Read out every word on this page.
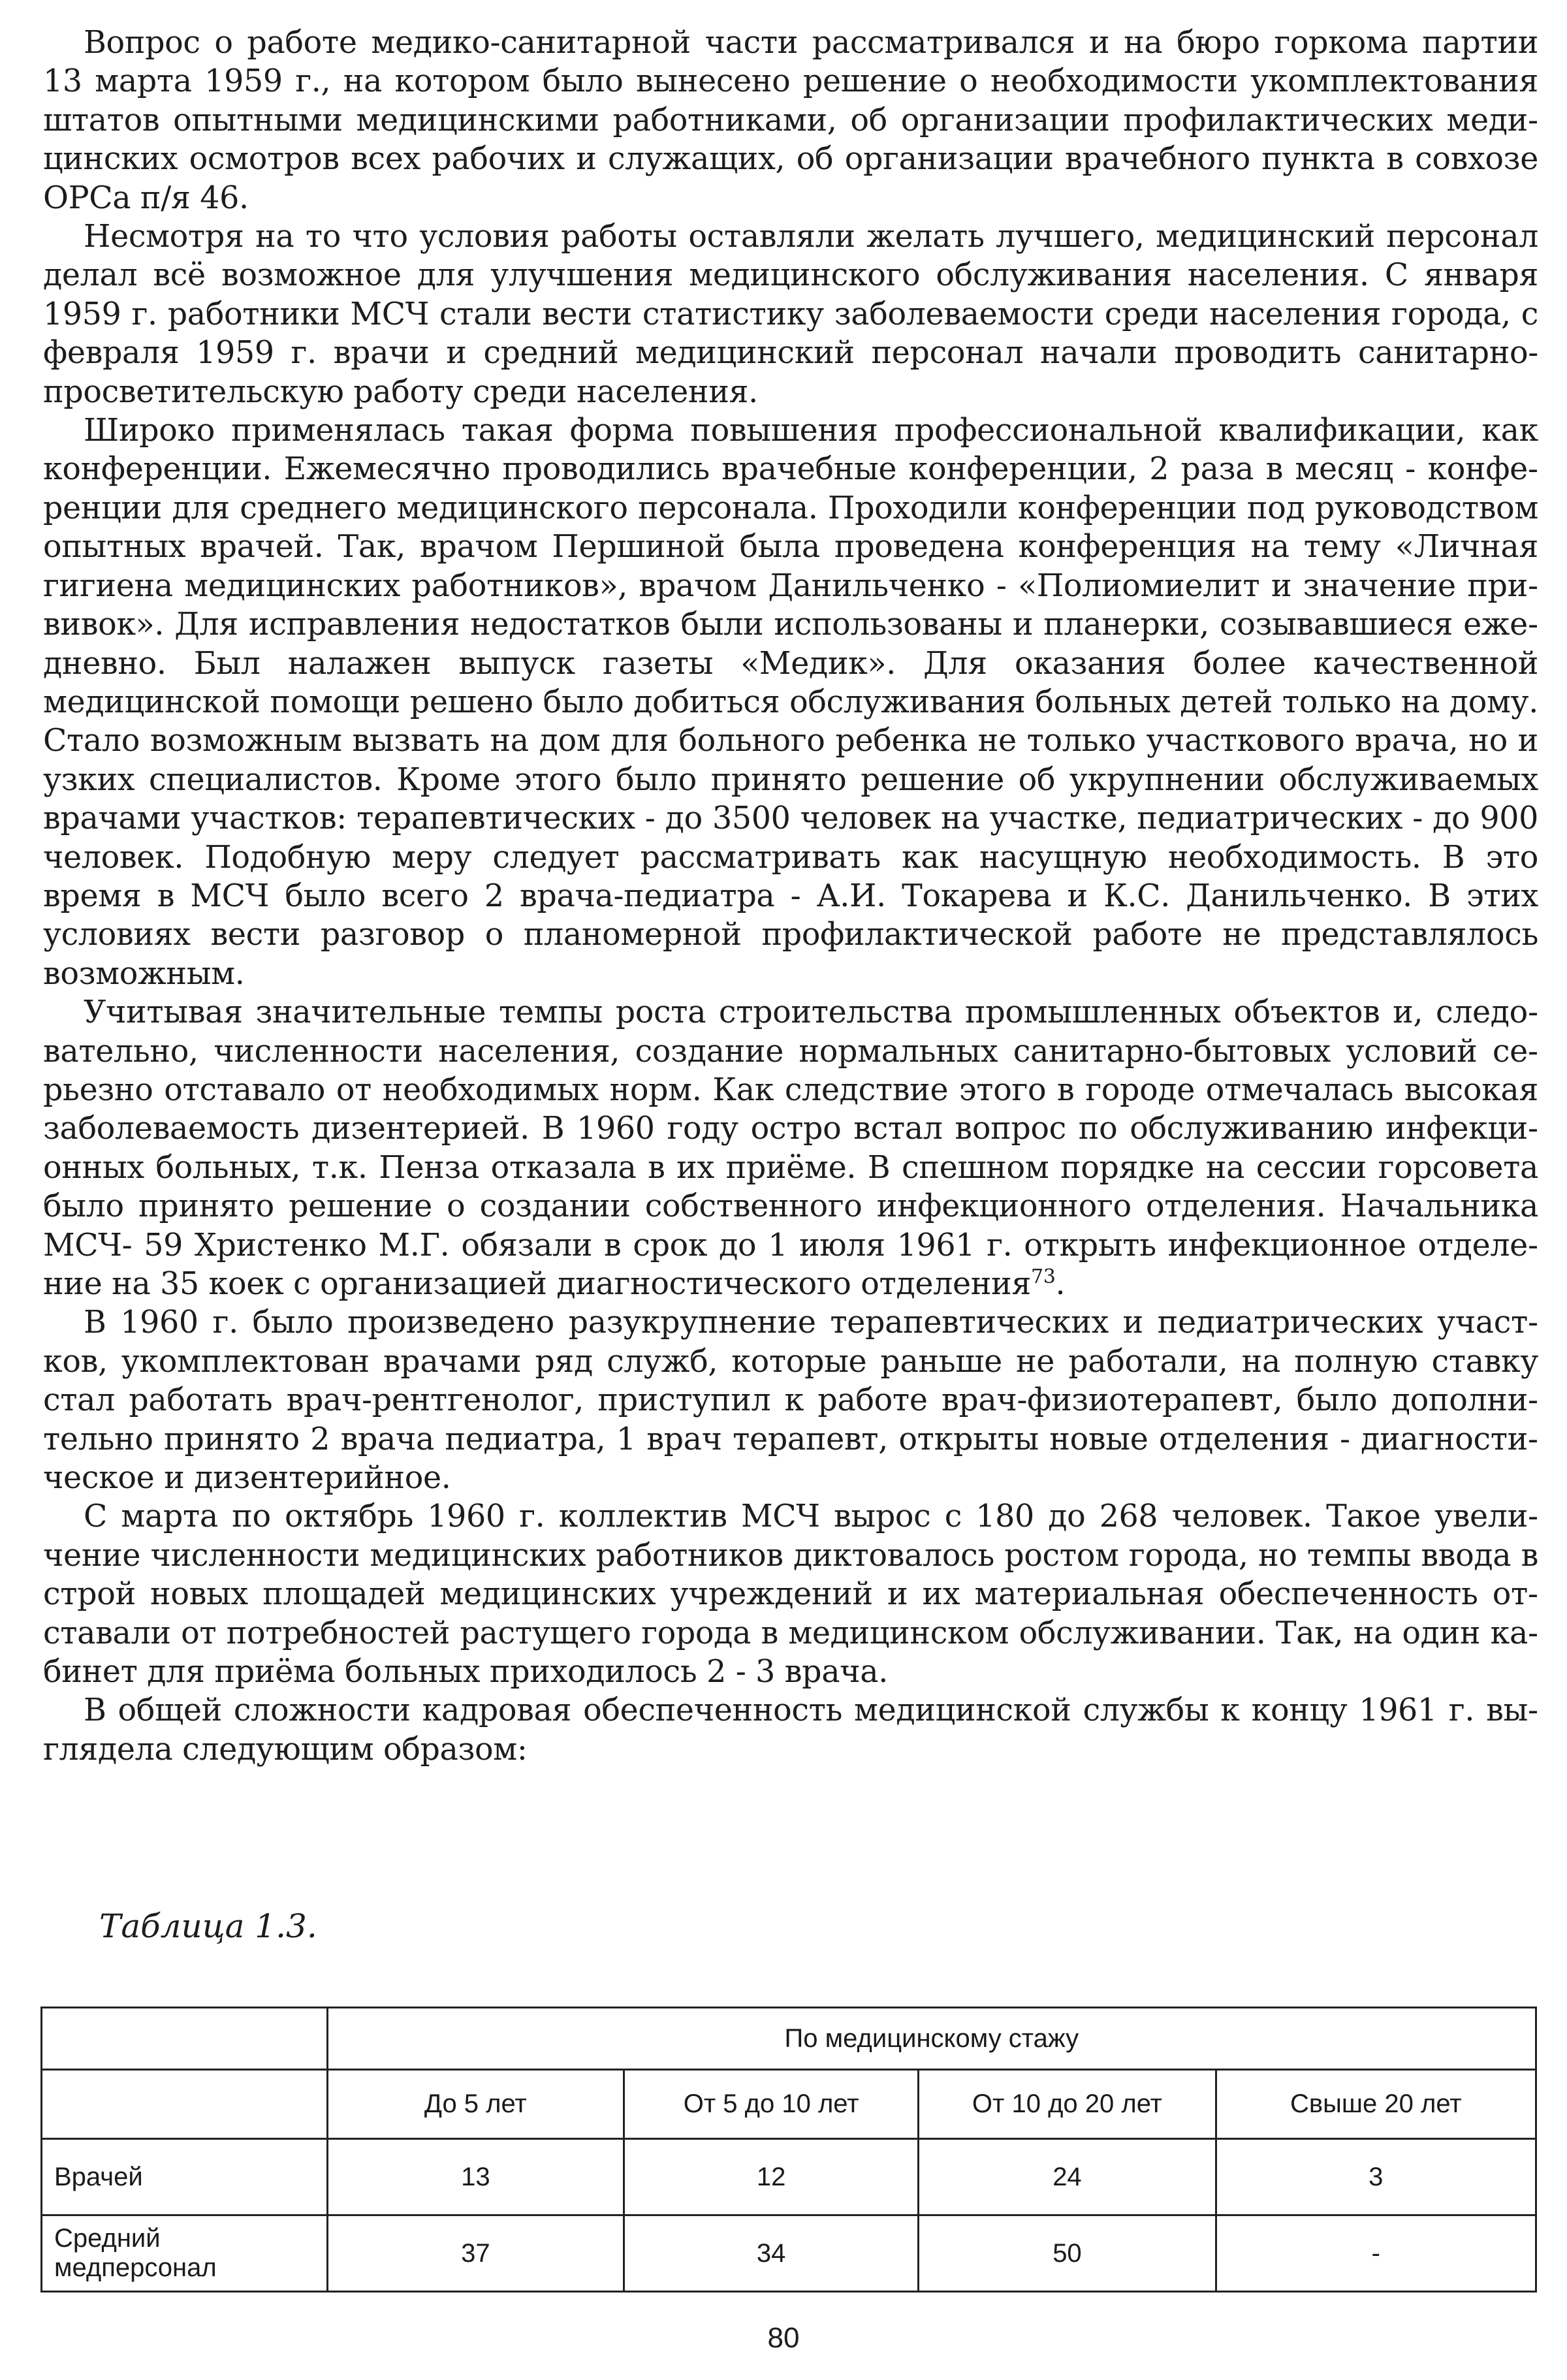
Вопрос о работе медико-санитарной части рассматривался и на бюро горкома партии 13 марта 1959 г., на котором было вынесено решение о необходимости укомплектования штатов опытными медицинскими работниками, об организации профилактических медицинских осмотров всех рабочих и служащих, об организации врачебного пункта в совхозе ОРСа п/я 46.

Несмотря на то что условия работы оставляли желать лучшего, медицинский персонал делал всё возможное для улучшения медицинского обслуживания населения. С января 1959 г. работники МСЧ стали вести статистику заболеваемости среди населения города, с февраля 1959 г. врачи и средний медицинский персонал начали проводить санитарно-просветительскую работу среди населения.

Широко применялась такая форма повышения профессиональной квалификации, как конференции. Ежемесячно проводились врачебные конференции, 2 раза в месяц - конференции для среднего медицинского персонала. Проходили конференции под руководством опытных врачей. Так, врачом Першиной была проведена конференция на тему «Личная гигиена медицинских работников», врачом Данильченко - «Полиомиелит и значение прививок». Для исправления недостатков были использованы и планерки, созывавшиеся ежедневно. Был налажен выпуск газеты «Медик». Для оказания более качественной медицинской помощи решено было добиться обслуживания больных детей только на дому. Стало возможным вызвать на дом для больного ребенка не только участкового врача, но и узких специалистов. Кроме этого было принято решение об укрупнении обслуживаемых врачами участков: терапевтических - до 3500 человек на участке, педиатрических - до 900 человек. Подобную меру следует рассматривать как насущную необходимость. В это время в МСЧ было всего 2 врача-педиатра - А.И. Токарева и К.С. Данильченко. В этих условиях вести разговор о планомерной профилактической работе не представлялось возможным.

Учитывая значительные темпы роста строительства промышленных объектов и, следовательно, численности населения, создание нормальных санитарно-бытовых условий серьезно отставало от необходимых норм. Как следствие этого в городе отмечалась высокая заболеваемость дизентерией. В 1960 году остро встал вопрос по обслуживанию инфекционных больных, т.к. Пенза отказала в их приёме. В спешном порядке на сессии горсовета было принято решение о создании собственного инфекционного отделения. Начальника МСЧ- 59 Христенко М.Г. обязали в срок до 1 июля 1961 г. открыть инфекционное отделение на 35 коек с организацией диагностического отделения$^{73}$.

В 1960 г. было произведено разукрупнение терапевтических и педиатрических участков, укомплектован врачами ряд служб, которые раньше не работали, на полную ставку стал работать врач-рентгенолог, приступил к работе врач-физиотерапевт, было дополнительно принято 2 врача педиатра, 1 врач терапевт, открыты новые отделения - диагностическое и дизентерийное.

С марта по октябрь 1960 г. коллектив МСЧ вырос с 180 до 268 человек. Такое увеличение численности медицинских работников диктовалось ростом города, но темпы ввода в строй новых площадей медицинских учреждений и их материальная обеспеченность отставали от потребностей растущего города в медицинском обслуживании. Так, на один кабинет для приёма больных приходилось 2 - 3 врача.

В общей сложности кадровая обеспеченность медицинской службы к концу 1961 г. выглядела следующим образом:

Таблица 1.3.
	По медицинскому стажу			
	До 5 лет	От 5 до 10 лет	От 10 до 20 лет	Свыше 20 лет
Врачей	13	12	24	3
Средний медперсонал	37	34	50	-
80
